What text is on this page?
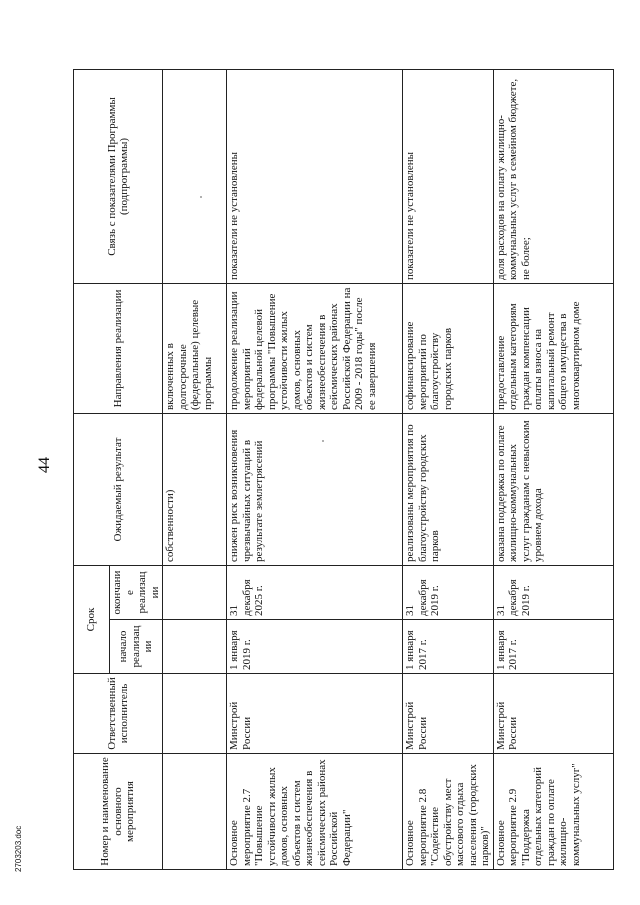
44
Номер и наименование основного мероприятия	Ответственный исполнитель	Срок		Ожидаемый результат	Направления реализации	Связь с показателями Программы (подпрограммы)
		начало реализации	окончание реализации			
				собственности)	включенных в долгосрочные (федеральные) целевые программы	
Основное мероприятие 2.7 "Повышение устойчивости жилых домов, основных объектов и систем жизнеобеспечения в сейсмических районах Российской Федерации"	Минстрой России	1 января 2019 г.	31 декабря 2025 г.	снижен риск возникновения чрезвычайных ситуаций в результате землетрясений	продолжение реализации мероприятий федеральной целевой программы "Повышение устойчивости жилых домов, основных объектов и систем жизнеобеспечения в сейсмических районах Российской Федерации на 2009 - 2018 годы" после ее завершения	показатели не установлены
Основное мероприятие 2.8 "Содействие обустройству мест массового отдыха населения (городских парков)"	Минстрой России	1 января 2017 г.	31 декабря 2019 г.	реализованы мероприятия по благоустройству городских парков	софинансирование мероприятий по благоустройству городских парков	показатели не установлены
Основное мероприятие 2.9 "Поддержка отдельных категорий граждан по оплате жилищно-коммунальных услуг"	Минстрой России	1 января 2017 г.	31 декабря 2019 г.	оказана поддержка по оплате жилищно-коммунальных услуг гражданам с невысоким уровнем дохода	предоставление отдельным категориям граждан компенсации оплаты взноса на капитальный ремонт общего имущества в многоквартирном доме	доля расходов на оплату жилищно-коммунальных услуг в семейном бюджете, не более;
2703203.doc
